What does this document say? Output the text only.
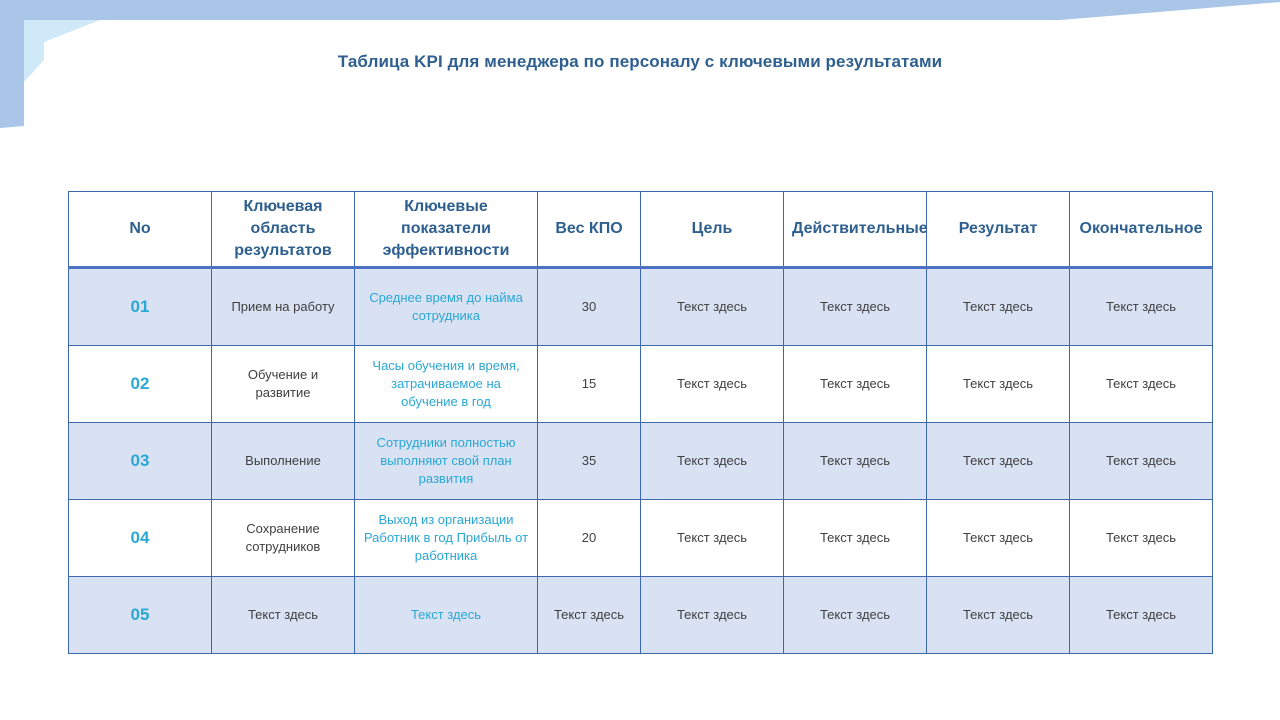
Таблица KPI для менеджера по персоналу с ключевыми результатами
No	Ключевая область результатов	Ключевые показатели эффективности	Вес КПО	Цель	Действительные	Результат	Окончательное
01	Прием на работу	Среднее время до найма сотрудника	30	Текст здесь	Текст здесь	Текст здесь	Текст здесь
02	Обучение и развитие	Часы обучения и время, затрачиваемое на обучение в год	15	Текст здесь	Текст здесь	Текст здесь	Текст здесь
03	Выполнение	Сотрудники полностью выполняют свой план развития	35	Текст здесь	Текст здесь	Текст здесь	Текст здесь
04	Сохранение сотрудников	Выход из организации Работник в год Прибыль от работника	20	Текст здесь	Текст здесь	Текст здесь	Текст здесь
05	Текст здесь	Текст здесь	Текст здесь	Текст здесь	Текст здесь	Текст здесь	Текст здесь
